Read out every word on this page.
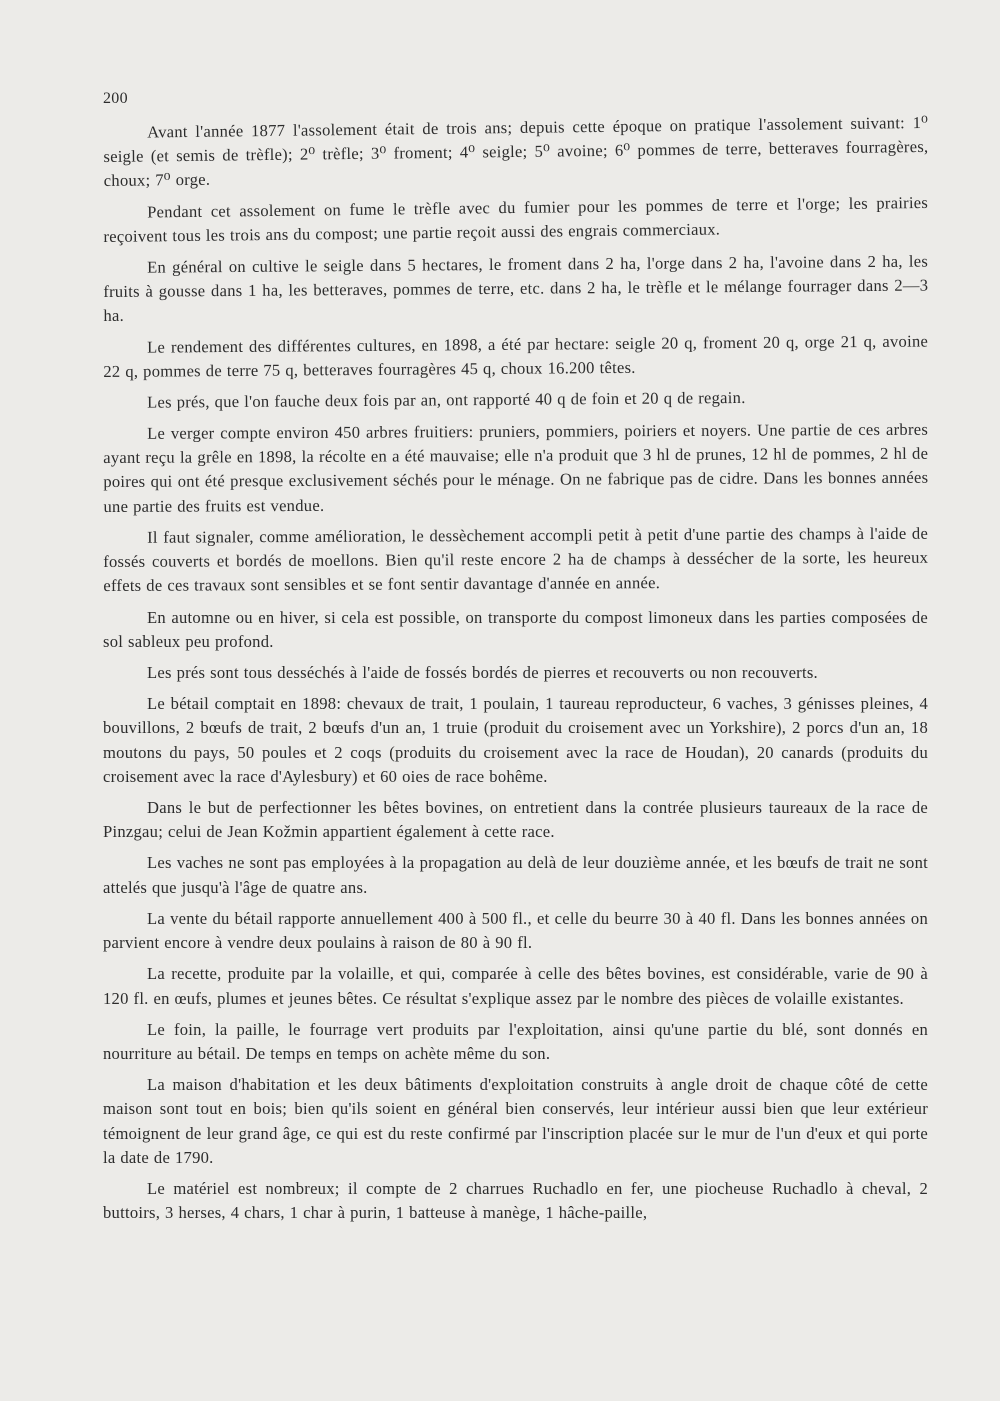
200

Avant l'année 1877 l'assolement était de trois ans; depuis cette époque on pratique l'assolement suivant: 1⁰ seigle (et semis de trèfle); 2⁰ trèfle; 3⁰ froment; 4⁰ seigle; 5⁰ avoine; 6⁰ pommes de terre, betteraves fourragères, choux; 7⁰ orge.

Pendant cet assolement on fume le trèfle avec du fumier pour les pommes de terre et l'orge; les prairies reçoivent tous les trois ans du compost; une partie reçoit aussi des engrais commerciaux.

En général on cultive le seigle dans 5 hectares, le froment dans 2 ha, l'orge dans 2 ha, l'avoine dans 2 ha, les fruits à gousse dans 1 ha, les betteraves, pommes de terre, etc. dans 2 ha, le trèfle et le mélange fourrager dans 2—3 ha.

Le rendement des différentes cultures, en 1898, a été par hectare: seigle 20 q, froment 20 q, orge 21 q, avoine 22 q, pommes de terre 75 q, betteraves fourragères 45 q, choux 16.200 têtes.

Les prés, que l'on fauche deux fois par an, ont rapporté 40 q de foin et 20 q de regain.

Le verger compte environ 450 arbres fruitiers: pruniers, pommiers, poiriers et noyers. Une partie de ces arbres ayant reçu la grêle en 1898, la récolte en a été mauvaise; elle n'a produit que 3 hl de prunes, 12 hl de pommes, 2 hl de poires qui ont été presque exclusivement séchés pour le ménage. On ne fabrique pas de cidre. Dans les bonnes années une partie des fruits est vendue.

Il faut signaler, comme amélioration, le dessèchement accompli petit à petit d'une partie des champs à l'aide de fossés couverts et bordés de moellons. Bien qu'il reste encore 2 ha de champs à dessécher de la sorte, les heureux effets de ces travaux sont sensibles et se font sentir davantage d'année en année.

En automne ou en hiver, si cela est possible, on transporte du compost limoneux dans les parties composées de sol sableux peu profond.

Les prés sont tous desséchés à l'aide de fossés bordés de pierres et recouverts ou non recouverts.

Le bétail comptait en 1898: chevaux de trait, 1 poulain, 1 taureau reproducteur, 6 vaches, 3 génisses pleines, 4 bouvillons, 2 bœufs de trait, 2 bœufs d'un an, 1 truie (produit du croisement avec un Yorkshire), 2 porcs d'un an, 18 moutons du pays, 50 poules et 2 coqs (produits du croisement avec la race de Houdan), 20 canards (produits du croisement avec la race d'Aylesbury) et 60 oies de race bohême.

Dans le but de perfectionner les bêtes bovines, on entretient dans la contrée plusieurs taureaux de la race de Pinzgau; celui de Jean Kožmin appartient également à cette race.

Les vaches ne sont pas employées à la propagation au delà de leur douzième année, et les bœufs de trait ne sont attelés que jusqu'à l'âge de quatre ans.

La vente du bétail rapporte annuellement 400 à 500 fl., et celle du beurre 30 à 40 fl. Dans les bonnes années on parvient encore à vendre deux poulains à raison de 80 à 90 fl.

La recette, produite par la volaille, et qui, comparée à celle des bêtes bovines, est considérable, varie de 90 à 120 fl. en œufs, plumes et jeunes bêtes. Ce résultat s'explique assez par le nombre des pièces de volaille existantes.

Le foin, la paille, le fourrage vert produits par l'exploitation, ainsi qu'une partie du blé, sont donnés en nourriture au bétail. De temps en temps on achète même du son.

La maison d'habitation et les deux bâtiments d'exploitation construits à angle droit de chaque côté de cette maison sont tout en bois; bien qu'ils soient en général bien conservés, leur intérieur aussi bien que leur extérieur témoignent de leur grand âge, ce qui est du reste confirmé par l'inscription placée sur le mur de l'un d'eux et qui porte la date de 1790.

Le matériel est nombreux; il compte de 2 charrues Ruchadlo en fer, une piocheuse Ruchadlo à cheval, 2 buttoirs, 3 herses, 4 chars, 1 char à purin, 1 batteuse à manège, 1 hâche-paille,
